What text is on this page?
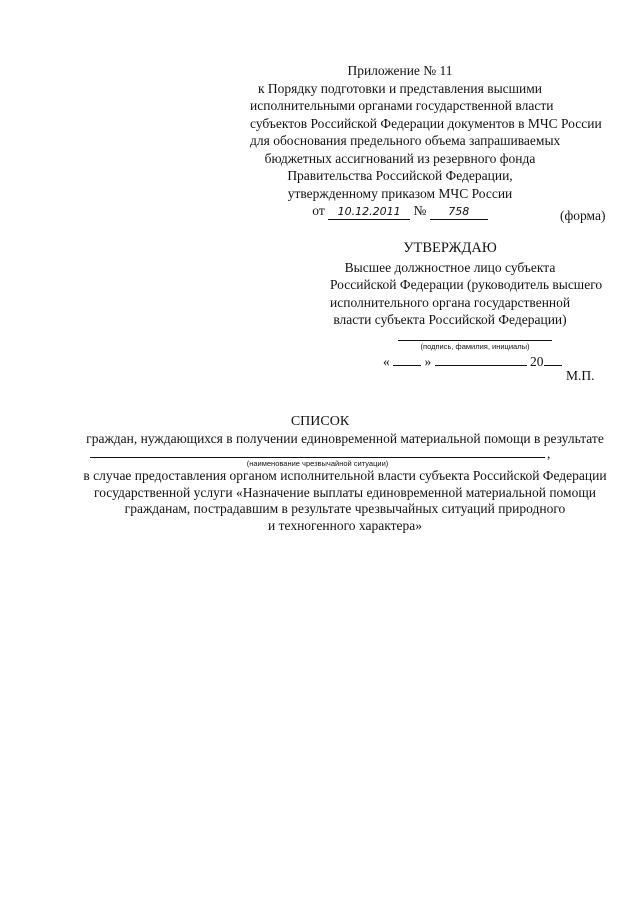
Приложение № 11
к Порядку подготовки и представления высшими
исполнительными органами государственной власти
субъектов Российской Федерации документов в МЧС России
для обоснования предельного объема запрашиваемых
бюджетных ассигнований из резервного фонда
Правительства Российской Федерации,
утвержденному приказом МЧС России
от 10.12.2011 № 758	(форма)
УТВЕРЖДАЮ
Высшее должностное лицо субъекта
Российской Федерации (руководитель высшего
исполнительного органа государственной
власти субъекта Российской Федерации)
(подпись, фамилия, инициалы)
«	»	20
М.П.
СПИСОК
граждан, нуждающихся в получении единовременной материальной помощи в результате
,
(наименование чрезвычайной ситуации)
в случае предоставления органом исполнительной власти субъекта Российской Федерации
государственной услуги «Назначение выплаты единовременной материальной помощи
гражданам, пострадавшим в результате чрезвычайных ситуаций природного
и техногенного характера»
